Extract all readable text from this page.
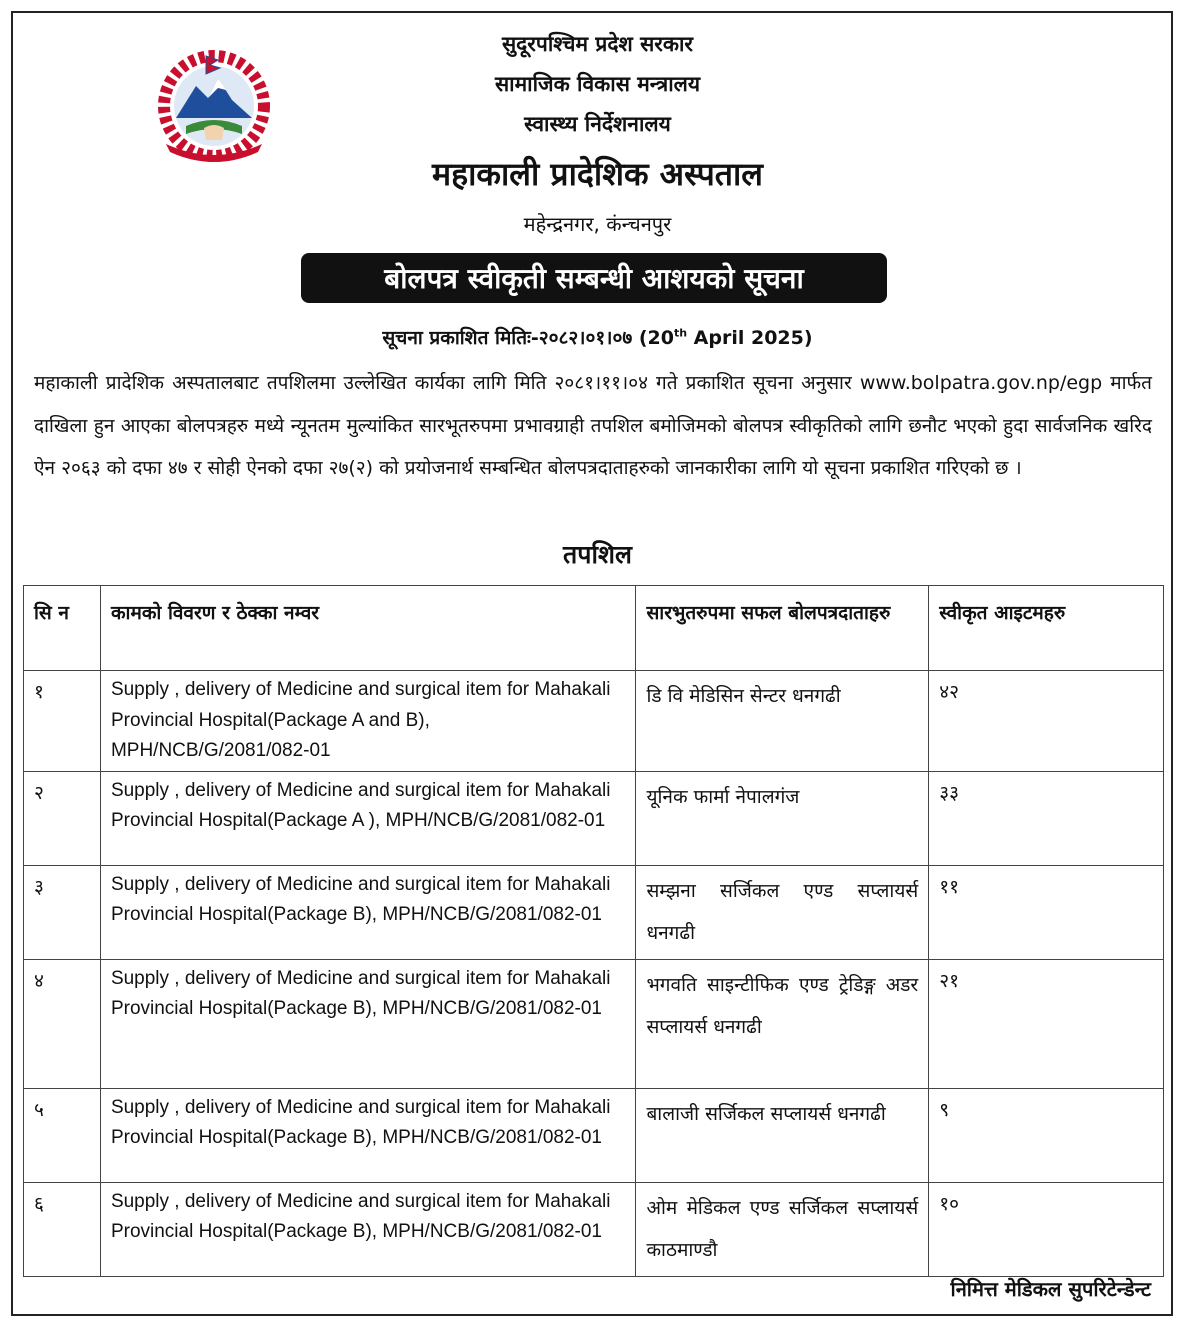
सुदूरपश्चिम प्रदेश सरकार
सामाजिक विकास मन्त्रालय
स्वास्थ्य निर्देशनालय
महाकाली प्रादेशिक अस्पताल
महेन्द्रनगर, कंन्चनपुर
बोलपत्र स्वीकृती सम्बन्धी आशयको सूचना
सूचना प्रकाशित मितिः-२०८२।०१।०७ (20th April 2025)
महाकाली प्रादेशिक अस्पतालबाट तपशिलमा उल्लेखित कार्यका लागि मिति २०८१।११।०४ गते प्रकाशित सूचना अनुसार www.bolpatra.gov.np/egp मार्फत दाखिला हुन आएका बोलपत्रहरु मध्ये न्यूनतम मुल्यांकित सारभूतरुपमा प्रभावग्राही तपशिल बमोजिमको बोलपत्र स्वीकृतिको लागि छनौट भएको हुदा सार्वजनिक खरिद ऐन २०६३ को दफा ४७ र सोही ऐनको दफा २७(२) को प्रयोजनार्थ सम्बन्धित बोलपत्रदाताहरुको जानकारीका लागि यो सूचना प्रकाशित गरिएको छ ।
तपशिल
सि न	कामको विवरण र ठेक्का नम्वर	सारभुतरुपमा सफल बोलपत्रदाताहरु	स्वीकृत आइटमहरु
१	Supply , delivery of Medicine and surgical item for Mahakali Provincial Hospital(Package A and B), MPH/NCB/G/2081/082-01	डि वि मेडिसिन सेन्टर धनगढी	४२
२	Supply , delivery of Medicine and surgical item for Mahakali Provincial Hospital(Package A ), MPH/NCB/G/2081/082-01	यूनिक फार्मा नेपालगंज	३३
३	Supply , delivery of Medicine and surgical item for Mahakali Provincial Hospital(Package B), MPH/NCB/G/2081/082-01	सम्झना सर्जिकल एण्ड सप्लायर्स धनगढी	११
४	Supply , delivery of Medicine and surgical item for Mahakali Provincial Hospital(Package B), MPH/NCB/G/2081/082-01	भगवति साइन्टीफिक एण्ड ट्रेडिङ्ग अडर सप्लायर्स धनगढी	२१
५	Supply , delivery of Medicine and surgical item for Mahakali Provincial Hospital(Package B), MPH/NCB/G/2081/082-01	बालाजी सर्जिकल सप्लायर्स धनगढी	९
६	Supply , delivery of Medicine and surgical item for Mahakali Provincial Hospital(Package B), MPH/NCB/G/2081/082-01	ओम मेडिकल एण्ड सर्जिकल सप्लायर्स काठमाण्डौ	१०
निमित्त मेडिकल सुपरिटेन्डेन्ट
